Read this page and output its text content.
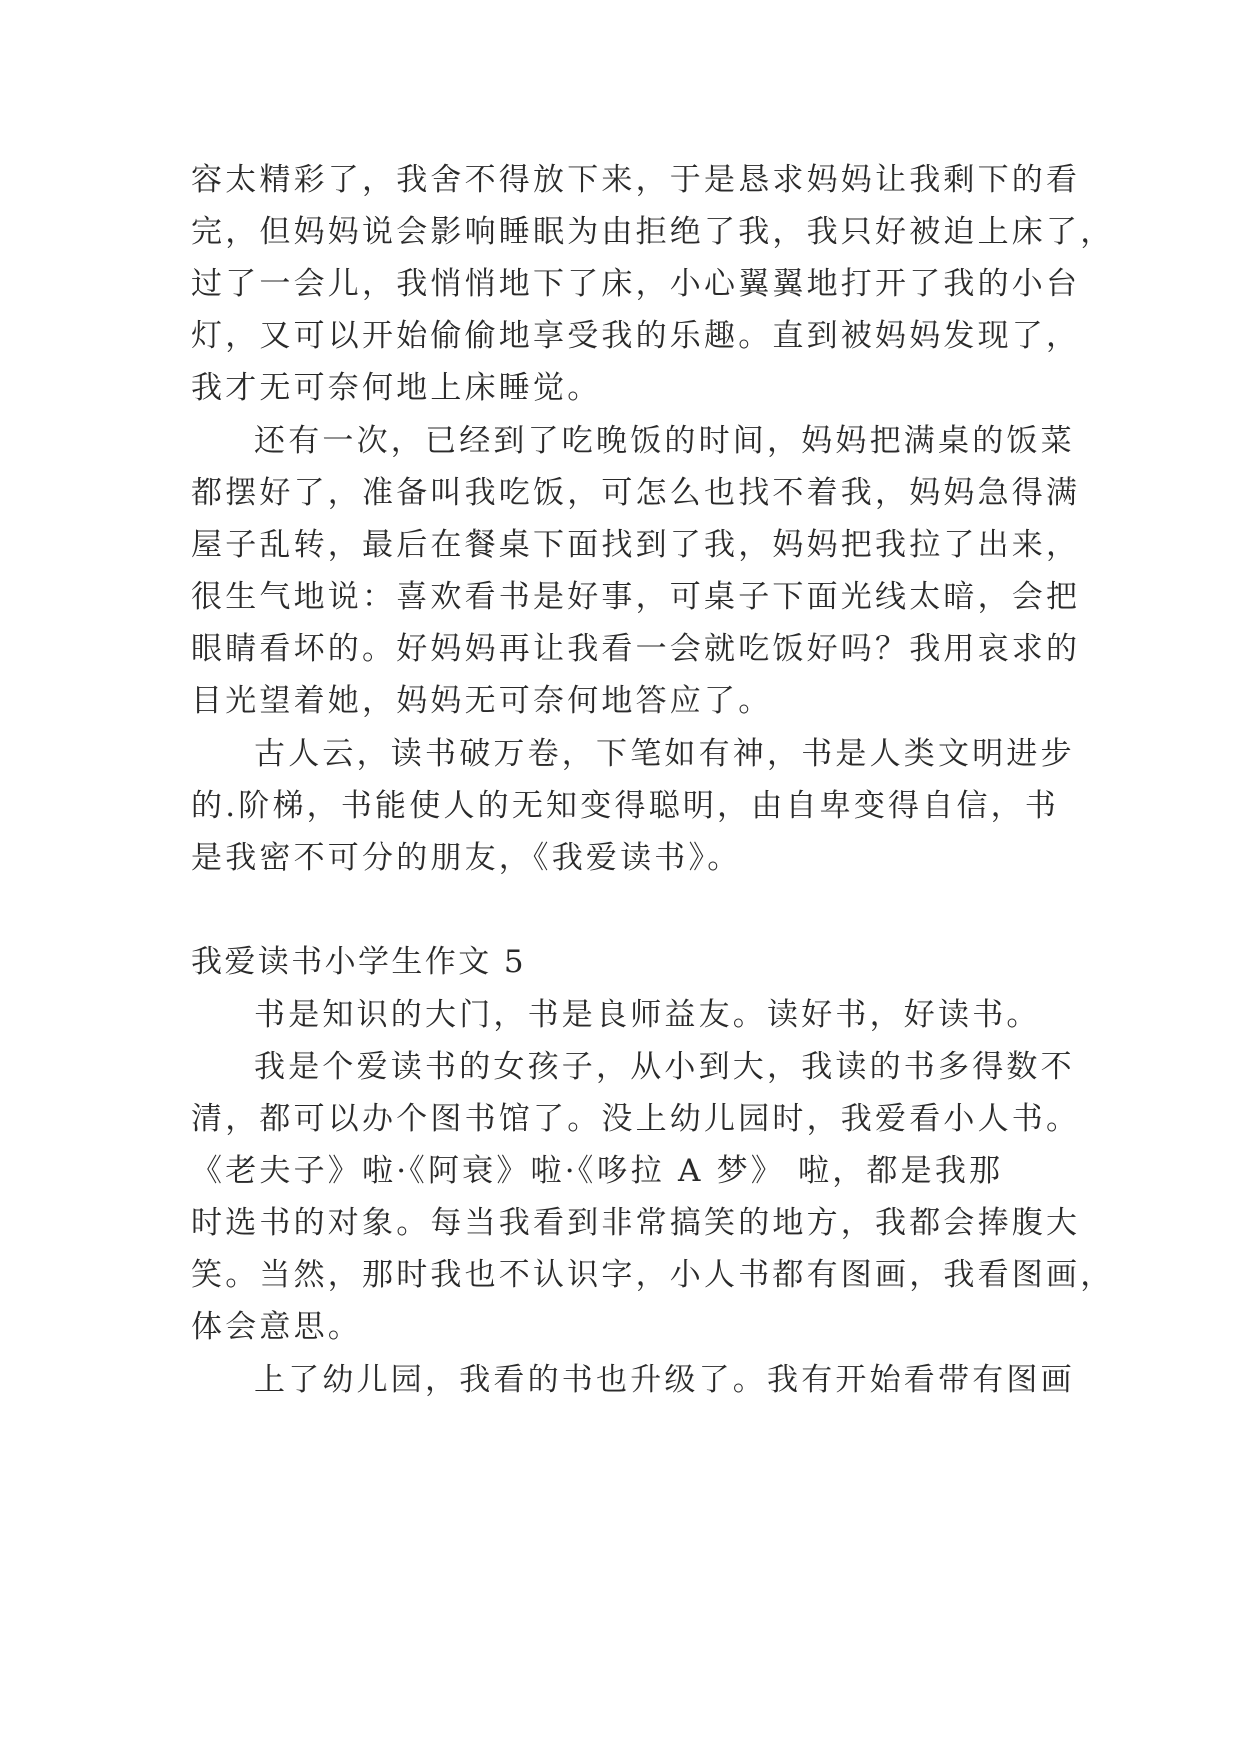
容太精彩了，我舍不得放下来，于是恳求妈妈让我剩下的看
完，但妈妈说会影响睡眠为由拒绝了我，我只好被迫上床了，
过了一会儿，我悄悄地下了床，小心翼翼地打开了我的小台
灯，又可以开始偷偷地享受我的乐趣。直到被妈妈发现了，
我才无可奈何地上床睡觉。
还有一次，已经到了吃晚饭的时间，妈妈把满桌的饭菜
都摆好了，准备叫我吃饭，可怎么也找不着我，妈妈急得满
屋子乱转，最后在餐桌下面找到了我，妈妈把我拉了出来，
很生气地说：喜欢看书是好事，可桌子下面光线太暗，会把
眼睛看坏的。好妈妈再让我看一会就吃饭好吗？我用哀求的
目光望着她，妈妈无可奈何地答应了。
古人云，读书破万卷，下笔如有神，书是人类文明进步
的.阶梯，书能使人的无知变得聪明，由自卑变得自信，书
是我密不可分的朋友，《我爱读书》。
我爱读书小学生作文 5
书是知识的大门，书是良师益友。读好书，好读书。
我是个爱读书的女孩子，从小到大，我读的书多得数不
清，都可以办个图书馆了。没上幼儿园时，我爱看小人书。
《老夫子》啦·《阿衰》啦·《哆拉 A 梦》 啦，都是我那
时选书的对象。每当我看到非常搞笑的地方，我都会捧腹大
笑。当然，那时我也不认识字，小人书都有图画，我看图画，
体会意思。
上了幼儿园，我看的书也升级了。我有开始看带有图画
